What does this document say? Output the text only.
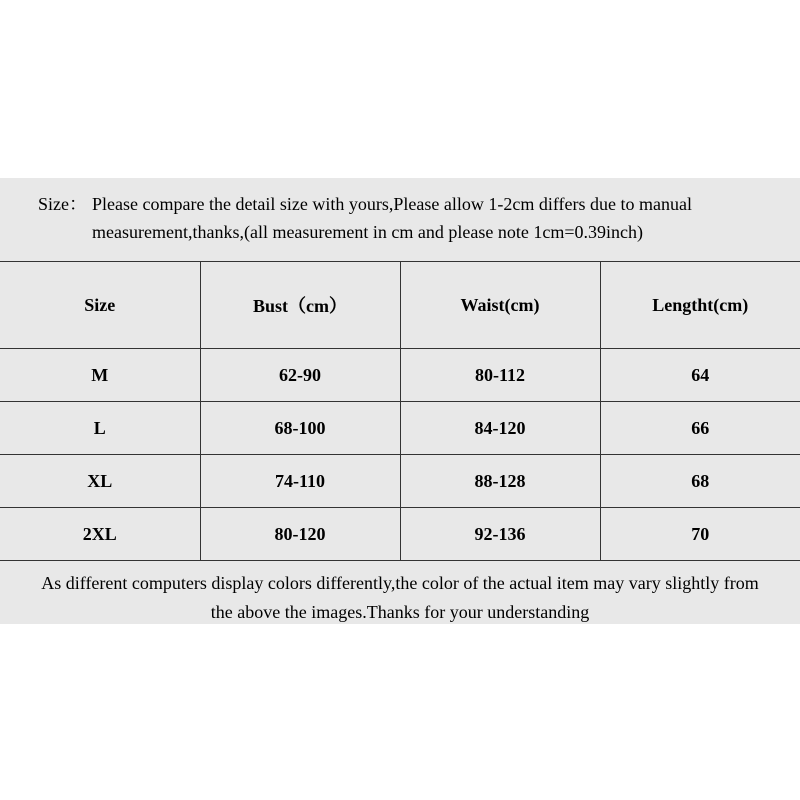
Size： Please compare the detail size with yours,Please allow 1-2cm differs due to manual
measurement,thanks,(all measurement in cm and please note 1cm=0.39inch)
Size	Bust（cm）	Waist(cm)	Lengtht(cm)
M	62-90	80-112	64
L	68-100	84-120	66
XL	74-110	88-128	68
2XL	80-120	92-136	70
As different computers display colors differently,the color of the actual item may vary slightly from
the above the images.Thanks for your understanding
